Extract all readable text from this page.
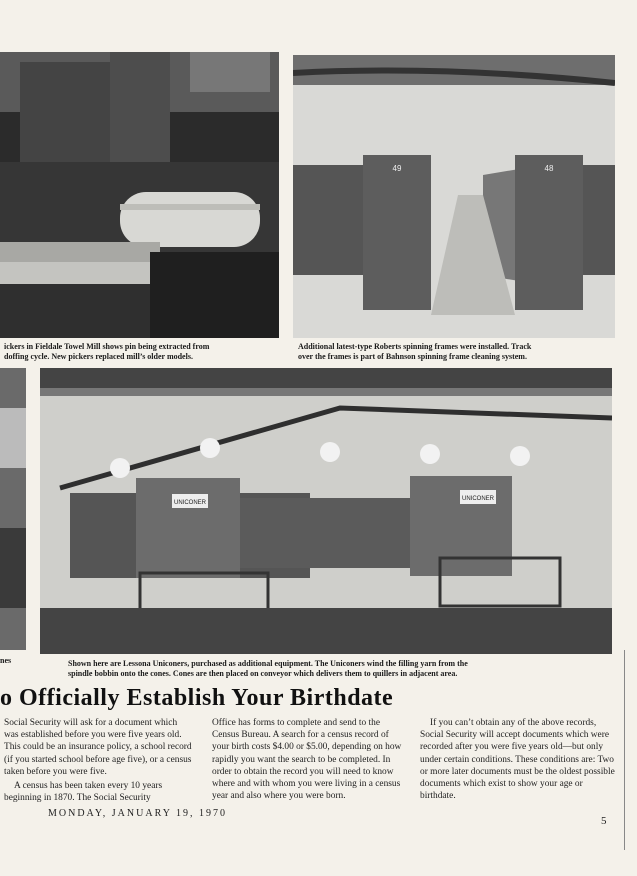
ickers in Fieldale Towel Mill shows pin being extracted from
doffing cycle. New pickers replaced mill’s older models.
49	48
Additional latest-type Roberts spinning frames were installed. Track
over the frames is part of Bahnson spinning frame cleaning system.
nes
UNICONER
UNICONER
Shown here are Lessona Uniconers, purchased as additional equipment. The Uniconers wind the filling yarn from the
spindle bobbin onto the cones. Cones are then placed on conveyor which delivers them to quillers in adjacent area.
o Officially Establish Your Birthdate

Social Security will ask for a document which was established before you were five years old. This could be an insurance policy, a school record (if you started school before age five), or a census taken before you were five.

A census has been taken every 10 years beginning in 1870. The Social Security

Office has forms to complete and send to the Census Bureau. A search for a census record of your birth costs $4.00 or $5.00, depending on how rapidly you want the search to be completed. In order to obtain the record you will need to know where and with whom you were living in a census year and also where you were born.

If you can’t obtain any of the above records, Social Security will accept documents which were recorded after you were five years old—but only under certain conditions. These conditions are: Two or more later documents must be the oldest possible documents which exist to show your age or birthdate.

MONDAY, JANUARY 19, 1970
5
